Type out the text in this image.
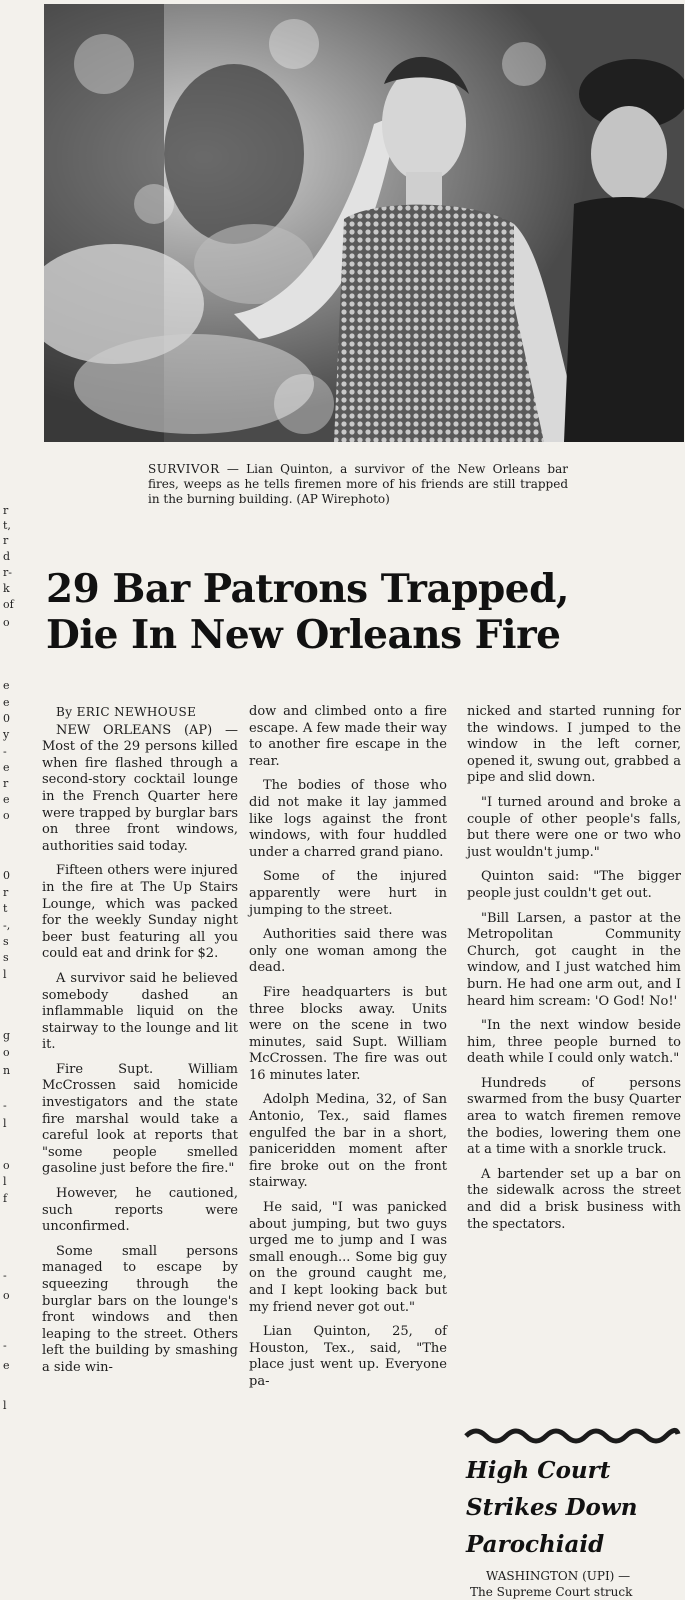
r
t,
r
d
r-
k
of
o
e
e
0
y
-
e
r
e
o
0
r
t
-,
s
s
l
g
o
n
-
l
o
l
f
-
o
-
e
l
SURVIVOR — Lian Quinton, a survivor of the New Orleans bar fires, weeps as he tells firemen more of his friends are still trapped in the burning building. (AP Wirephoto)
29 Bar Patrons Trapped,
Die In New Orleans Fire
By ERIC NEWHOUSE

NEW ORLEANS (AP) — Most of the 29 persons killed when fire flashed through a second-story cocktail lounge in the French Quarter here were trapped by burglar bars on three front windows, authorities said today.

Fifteen others were injured in the fire at The Up Stairs Lounge, which was packed for the weekly Sunday night beer bust featuring all you could eat and drink for $2.

A survivor said he believed somebody dashed an inflammable liquid on the stairway to the lounge and lit it.

Fire Supt. William McCrossen said homicide investigators and the state fire marshal would take a careful look at reports that "some people smelled gasoline just before the fire."

However, he cautioned, such reports were unconfirmed.

Some small persons managed to escape by squeezing through the burglar bars on the lounge's front windows and then leaping to the street. Others left the building by smashing a side win-

dow and climbed onto a fire escape. A few made their way to another fire escape in the rear.

The bodies of those who did not make it lay jammed like logs against the front windows, with four huddled under a charred grand piano.

Some of the injured apparently were hurt in jumping to the street.

Authorities said there was only one woman among the dead.

Fire headquarters is but three blocks away. Units were on the scene in two minutes, said Supt. William McCrossen. The fire was out 16 minutes later.

Adolph Medina, 32, of San Antonio, Tex., said flames engulfed the bar in a short, paniceridden moment after fire broke out on the front stairway.

He said, "I was panicked about jumping, but two guys urged me to jump and I was small enough... Some big guy on the ground caught me, and I kept looking back but my friend never got out."

Lian Quinton, 25, of Houston, Tex., said, "The place just went up. Everyone pa-

nicked and started running for the windows. I jumped to the window in the left corner, opened it, swung out, grabbed a pipe and slid down.

"I turned around and broke a couple of other people's falls, but there were one or two who just wouldn't jump."

Quinton said: "The bigger people just couldn't get out.

"Bill Larsen, a pastor at the Metropolitan Community Church, got caught in the window, and I just watched him burn. He had one arm out, and I heard him scream: 'O God! No!'

"In the next window beside him, three people burned to death while I could only watch."

Hundreds of persons swarmed from the busy Quarter area to watch firemen remove the bodies, lowering them one at a time with a snorkle truck.

A bartender set up a bar on the sidewalk across the street and did a brisk business with the spectators.

High Court
Strikes Down
Parochiaid
WASHINGTON (UPI) —
The Supreme Court struck
